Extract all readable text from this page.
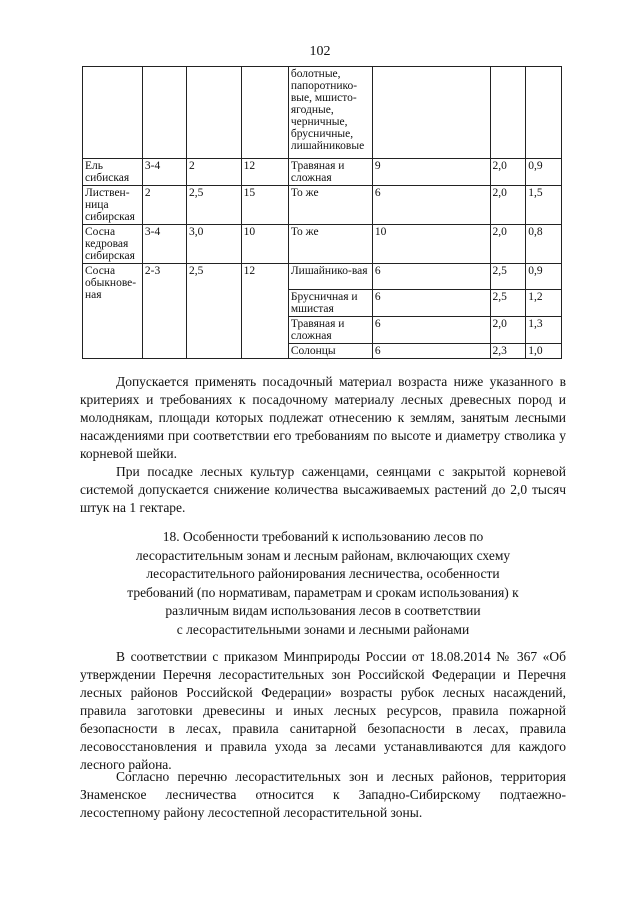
102
				болотные, папоротнико-вые, мшисто-ягодные, черничные, брусничные, лишайниковые			
Ель сибиская	3-4	2	12	Травяная и сложная	9	2,0	0,9
Листвен-ница сибирская	2	2,5	15	То же	6	2,0	1,5
Сосна кедровая сибирская	3-4	3,0	10	То же	10	2,0	0,8
Сосна обыкнове-ная	2-3	2,5	12	Лишайнико-вая	6	2,5	0,9
				Брусничная и мшистая	6	2,5	1,2
				Травяная и сложная	6	2,0	1,3
				Солонцы	6	2,3	1,0

Допускается применять посадочный материал возраста ниже указанного в критериях и требованиях к посадочному материалу лесных древесных пород и молоднякам, площади которых подлежат отнесению к землям, занятым лесными насаждениями при соответствии его требованиям по высоте и диаметру стволика у корневой шейки.

При посадке лесных культур саженцами, сеянцами с закрытой корневой системой допускается снижение количества высаживаемых растений до 2,0 тысяч штук на 1 гектаре.

18. Особенности требований к использованию лесов по
лесорастительным зонам и лесным районам, включающих схему
лесорастительного районирования лесничества, особенности
требований (по нормативам, параметрам и срокам использования) к
различным видам использования лесов в соответствии
с лесорастительными зонами и лесными районами

В соответствии с приказом Минприроды России от 18.08.2014 № 367 «Об утверждении Перечня лесорастительных зон Российской Федерации и Перечня лесных районов Российской Федерации» возрасты рубок лесных насаждений, правила заготовки древесины и иных лесных ресурсов, правила пожарной безопасности в лесах, правила санитарной безопасности в лесах, правила лесовосстановления и правила ухода за лесами устанавливаются для каждого лесного района.

Согласно перечню лесорастительных зон и лесных районов, территория Знаменское лесничества относится к Западно-Сибирскому подтаежно-лесостепному району лесостепной лесорастительной зоны.
